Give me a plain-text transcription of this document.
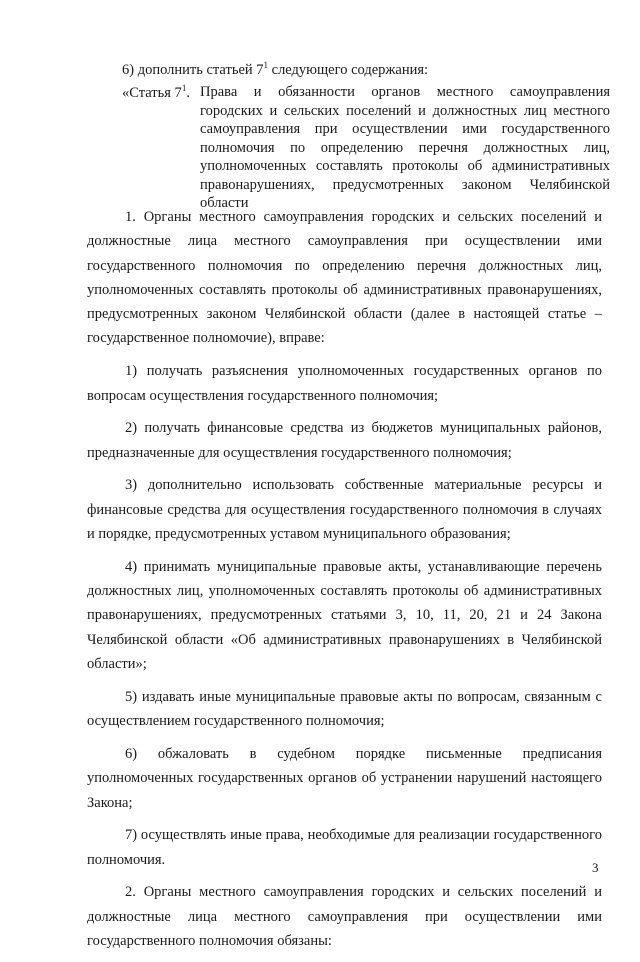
6) дополнить статьей $7^1$ следующего содержания:
«Статья $7^1$. Права и обязанности органов местного самоуправления городских и сельских поселений и должностных лиц местного самоуправления при осуществлении ими государственного полномочия по определению перечня должностных лиц, уполномоченных составлять протоколы об административных правонарушениях, предусмотренных законом Челябинской области

1. Органы местного самоуправления городских и сельских поселений и должностные лица местного самоуправления при осуществлении ими государственного полномочия по определению перечня должностных лиц, уполномоченных составлять протоколы об административных правонарушениях, предусмотренных законом Челябинской области (далее в настоящей статье – государственное полномочие), вправе:

1) получать разъяснения уполномоченных государственных органов по вопросам осуществления государственного полномочия;

2) получать финансовые средства из бюджетов муниципальных районов, предназначенные для осуществления государственного полномочия;

3) дополнительно использовать собственные материальные ресурсы и финансовые средства для осуществления государственного полномочия в случаях и порядке, предусмотренных уставом муниципального образования;

4) принимать муниципальные правовые акты, устанавливающие перечень должностных лиц, уполномоченных составлять протоколы об административных правонарушениях, предусмотренных статьями 3, 10, 11, 20, 21 и 24 Закона Челябинской области «Об административных правонарушениях в Челябинской области»;

5) издавать иные муниципальные правовые акты по вопросам, связанным с осуществлением государственного полномочия;

6) обжаловать в судебном порядке письменные предписания уполномоченных государственных органов об устранении нарушений настоящего Закона;

7) осуществлять иные права, необходимые для реализации государственного полномочия.

2. Органы местного самоуправления городских и сельских поселений и должностные лица местного самоуправления при осуществлении ими государственного полномочия обязаны:

3
